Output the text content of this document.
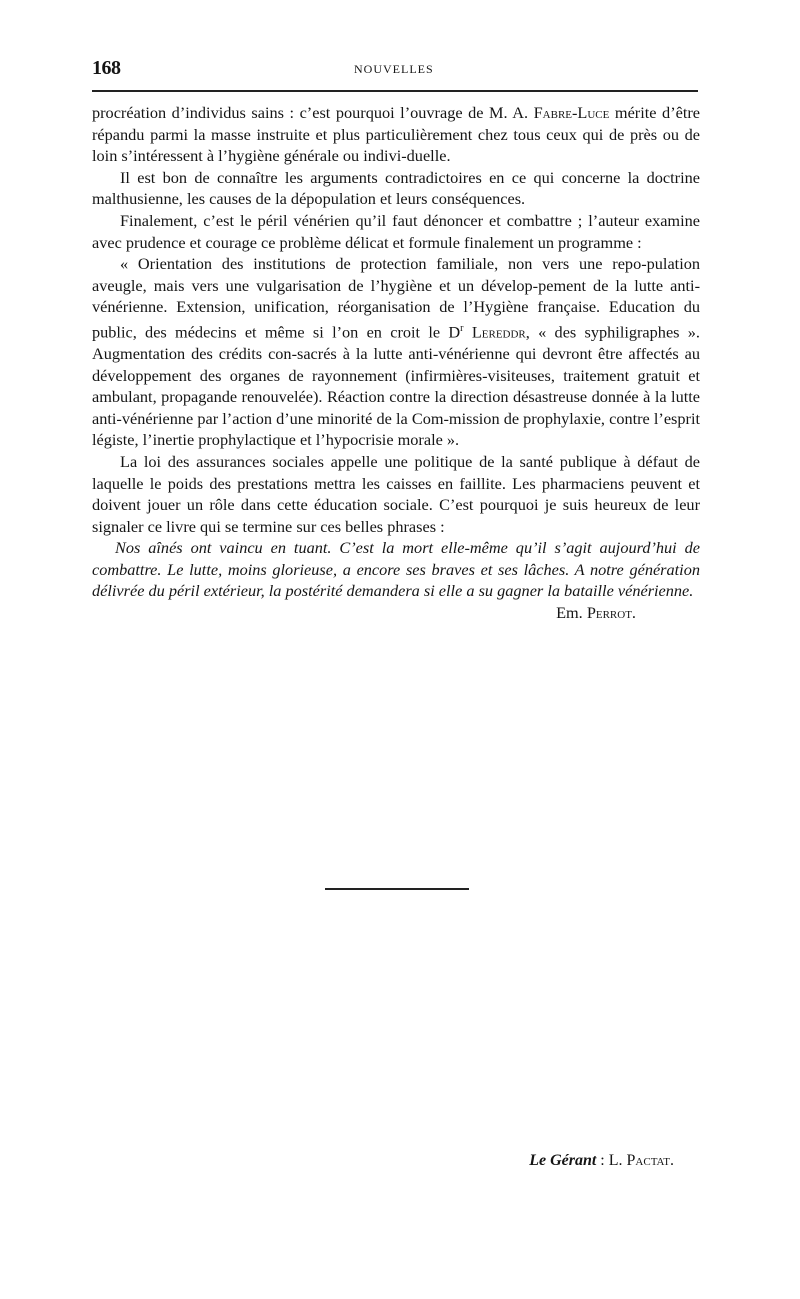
168	NOUVELLES

procréation d’individus sains : c’est pourquoi l’ouvrage de M. A. Fabre-Luce mérite d’être répandu parmi la masse instruite et plus particulièrement chez tous ceux qui de près ou de loin s’intéressent à l’hygiène générale ou indivi-duelle.

Il est bon de connaître les arguments contradictoires en ce qui concerne la doctrine malthusienne, les causes de la dépopulation et leurs conséquences.

Finalement, c’est le péril vénérien qu’il faut dénoncer et combattre ; l’auteur examine avec prudence et courage ce problème délicat et formule finalement un programme :

« Orientation des institutions de protection familiale, non vers une repo-pulation aveugle, mais vers une vulgarisation de l’hygiène et un dévelop-pement de la lutte anti-vénérienne. Extension, unification, réorganisation de l’Hygiène française. Education du public, des médecins et même si l’on en croit le $D^r$ Lereddr, « des syphiligraphes ». Augmentation des crédits con-sacrés à la lutte anti-vénérienne qui devront être affectés au développement des organes de rayonnement (infirmières-visiteuses, traitement gratuit et ambulant, propagande renouvelée). Réaction contre la direction désastreuse donnée à la lutte anti-vénérienne par l’action d’une minorité de la Com-mission de prophylaxie, contre l’esprit légiste, l’inertie prophylactique et l’hypocrisie morale ».

La loi des assurances sociales appelle une politique de la santé publique à défaut de laquelle le poids des prestations mettra les caisses en faillite. Les pharmaciens peuvent et doivent jouer un rôle dans cette éducation sociale. C’est pourquoi je suis heureux de leur signaler ce livre qui se termine sur ces belles phrases :

Nos aînés ont vaincu en tuant. C’est la mort elle-même qu’il s’agit aujourd’hui de combattre. Le lutte, moins glorieuse, a encore ses braves et ses lâches. A notre génération délivrée du péril extérieur, la postérité demandera si elle a su gagner la bataille vénérienne.

Em. Perrot.

Le Gérant : L. Pactat.
